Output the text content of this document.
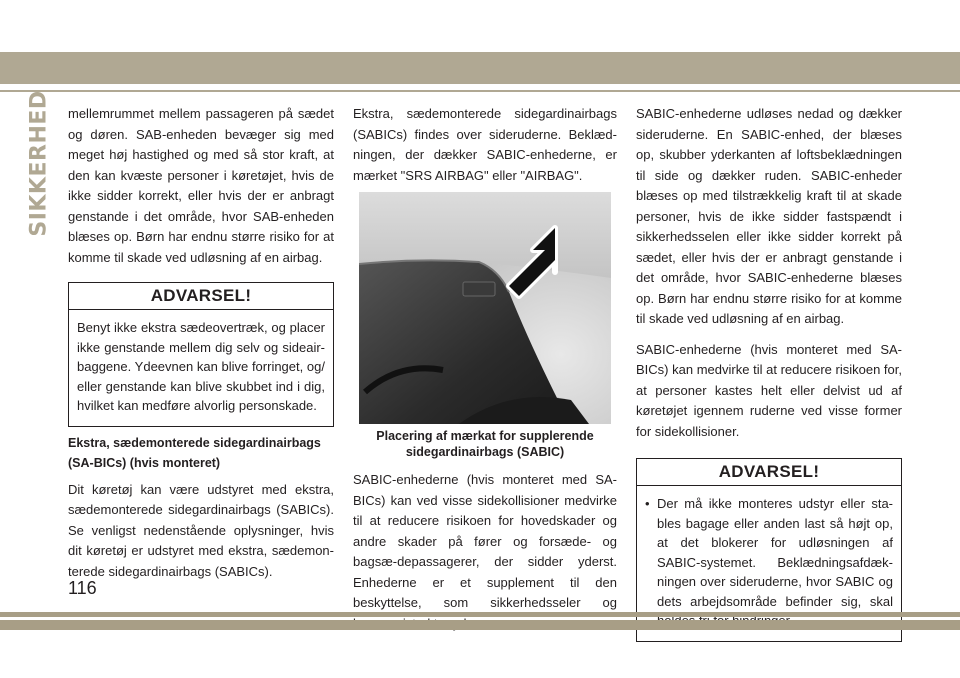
SIKKERHED mellemrummet mellem passageren på sædet og døren. SAB-enheden bevæger sig med meget høj hastighed og med så stor kraft, at den kan kvæste personer i køretøjet, hvis de ikke sidder korrekt, eller hvis der er anbragt genstande i det område, hvor SAB-enheden blæses op. Børn har endnu større risiko for at komme til skade ved udløsning af en airbag.

ADVARSEL!
Benyt ikke ekstra sædeovertræk, og placer ikke genstande mellem dig selv og sideair-baggene. Ydeevnen kan blive forringet, og/ eller genstande kan blive skubbet ind i dig, hvilket kan medføre alvorlig personskade.
Ekstra, sædemonterede sidegardinairbags (SA-BICs) (hvis monteret)

Dit køretøj kan være udstyret med ekstra, sædemonterede sidegardinairbags (SABICs). Se venligst nedenstående oplysninger, hvis dit køretøj er udstyret med ekstra, sædemon-terede sidegardinairbags (SABICs).

Ekstra, sædemonterede sidegardinairbags (SABICs) findes over sideruderne. Beklæd-ningen, der dækker SABIC-enhederne, er mærket "SRS AIRBAG" eller "AIRBAG".

Placering af mærkat for supplerende
sidegardinairbags (SABIC)

SABIC-enhederne (hvis monteret med SA-BICs) kan ved visse sidekollisioner medvirke til at reducere risikoen for hovedskader og andre skader på fører og forsæde- og bagsæ-depassagerer, der sidder yderst. Enhederne er et supplement til den beskyttelse, som sikkerhedsseler og

SABIC-enhederne udløses nedad og dækker sideruderne. En SABIC-enhed, der blæses op, skubber yderkanten af loftsbeklædningen til side og dækker ruden. SABIC-enheder blæses op med tilstrækkelig kraft til at skade personer, hvis de ikke sidder fastspændt i sikkerhedsselen eller ikke sidder korrekt på sædet, eller hvis der er anbragt genstande i det område, hvor SABIC-enhederne blæses op. Børn har endnu større risiko for at komme til skade ved udløsning af en airbag.

SABIC-enhederne (hvis monteret med SA-BICs) kan medvirke til at reducere risikoen for, at personer kastes helt eller delvist ud af køretøjet igennem ruderne ved visse former for sidekollisioner.

ADVARSEL!
• Der må ikke monteres udstyr eller sta-bles bagage eller anden last så højt op, at det blokerer for udløsningen af SABIC-systemet. Beklædningsafdæk-ningen over sideruderne, hvor SABIC og dets arbejdsområde befinder sig, skal
116
